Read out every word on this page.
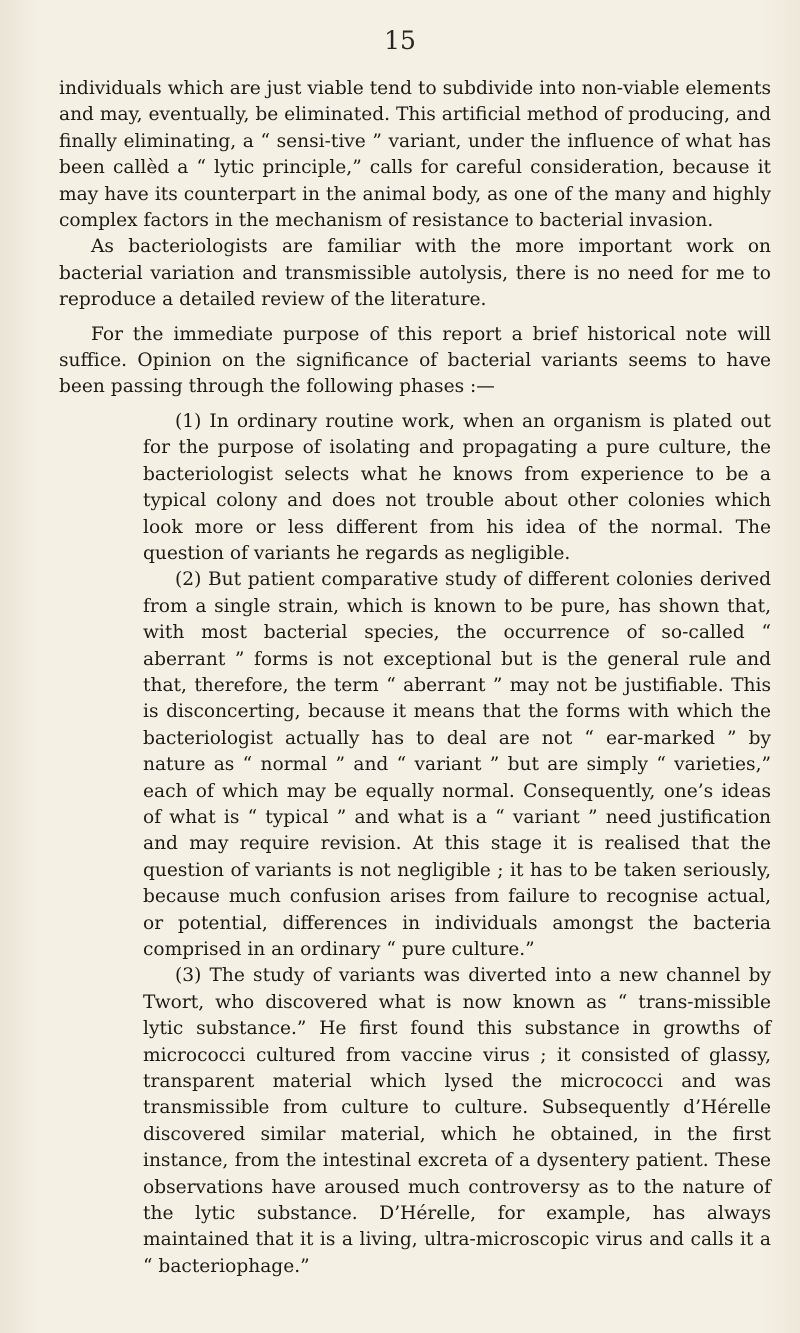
15

individuals which are just viable tend to subdivide into non-viable elements and may, eventually, be eliminated. This artificial method of producing, and finally eliminating, a “ sensi-tive ” variant, under the influence of what has been callèd a “ lytic principle,” calls for careful consideration, because it may have its counterpart in the animal body, as one of the many and highly complex factors in the mechanism of resistance to bacterial invasion.

As bacteriologists are familiar with the more important work on bacterial variation and transmissible autolysis, there is no need for me to reproduce a detailed review of the literature.

For the immediate purpose of this report a brief historical note will suffice. Opinion on the significance of bacterial variants seems to have been passing through the following phases :—

(1) In ordinary routine work, when an organism is plated out for the purpose of isolating and propagating a pure culture, the bacteriologist selects what he knows from experience to be a typical colony and does not trouble about other colonies which look more or less different from his idea of the normal. The question of variants he regards as negligible.

(2) But patient comparative study of different colonies derived from a single strain, which is known to be pure, has shown that, with most bacterial species, the occurrence of so-called “ aberrant ” forms is not exceptional but is the general rule and that, therefore, the term “ aberrant ” may not be justifiable. This is disconcerting, because it means that the forms with which the bacteriologist actually has to deal are not “ ear-marked ” by nature as “ normal ” and “ variant ” but are simply “ varieties,” each of which may be equally normal. Consequently, one’s ideas of what is “ typical ” and what is a “ variant ” need justification and may require revision. At this stage it is realised that the question of variants is not negligible ; it has to be taken seriously, because much confusion arises from failure to recognise actual, or potential, differences in individuals amongst the bacteria comprised in an ordinary “ pure culture.”

(3) The study of variants was diverted into a new channel by Twort, who discovered what is now known as “ trans-missible lytic substance.” He first found this substance in growths of micrococci cultured from vaccine virus ; it consisted of glassy, transparent material which lysed the micrococci and was transmissible from culture to culture. Subsequently d’Hérelle discovered similar material, which he obtained, in the first instance, from the intestinal excreta of a dysentery patient. These observations have aroused much controversy as to the nature of the lytic substance. D’Hérelle, for example, has always maintained that it is a living, ultra-microscopic virus and calls it a “ bacteriophage.”
